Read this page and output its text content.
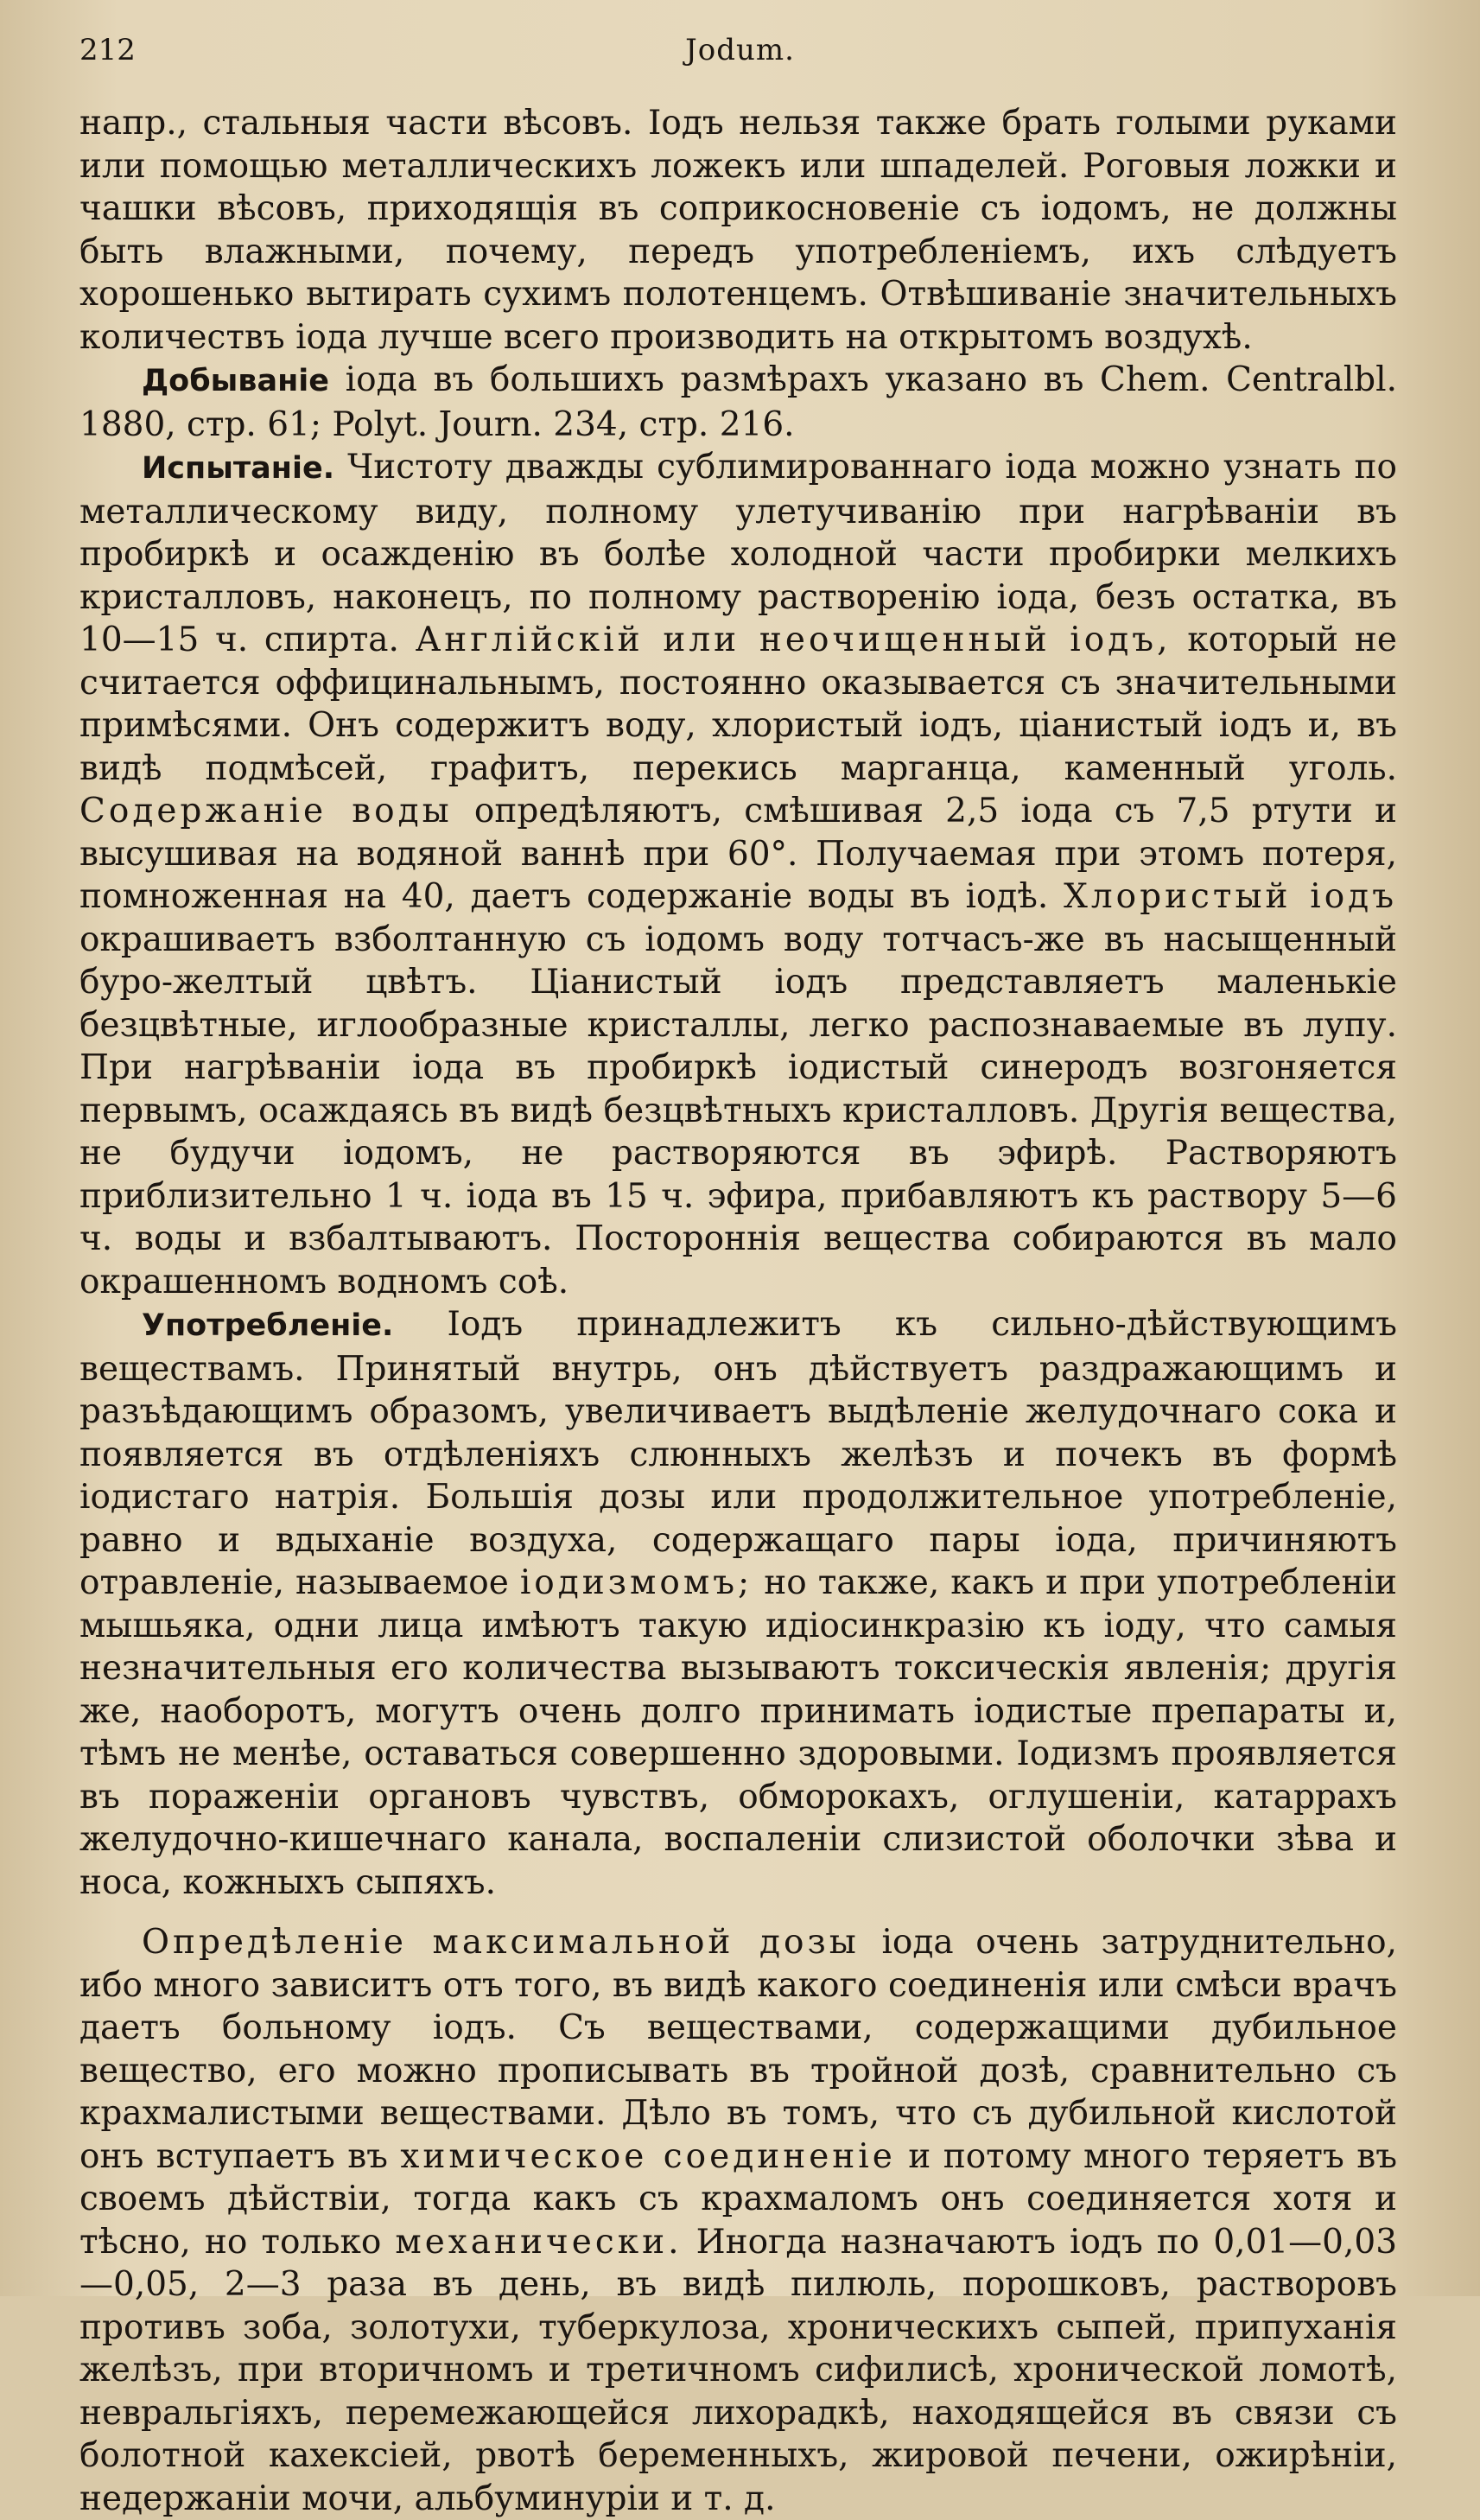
212	Jodum.

напр., стальныя части вѣсовъ. Іодъ нельзя также брать голыми руками или помощью металлическихъ ложекъ или шпаделей. Роговыя ложки и чашки вѣсовъ, приходящія въ соприкосновеніе съ іодомъ, не должны быть влажными, почему, передъ употребленіемъ, ихъ слѣдуетъ хорошенько вытирать сухимъ полотенцемъ. Отвѣшиваніе значительныхъ количествъ іода лучше всего производить на открытомъ воздухѣ.

Добываніе іода въ большихъ размѣрахъ указано въ Chem. Centralbl. 1880, стр. 61; Polyt. Journ. 234, стр. 216.

Испытаніе. Чистоту дважды сублимированнаго іода можно узнать по металлическому виду, полному улетучиванію при нагрѣваніи въ пробиркѣ и осажденію въ болѣе холодной части пробирки мелкихъ кристалловъ, наконецъ, по полному растворенію іода, безъ остатка, въ 10—15 ч. спирта. Англійскій или неочищенный іодъ, который не считается оффицинальнымъ, постоянно оказывается съ значительными примѣсями. Онъ содержитъ воду, хлористый іодъ, ціанистый іодъ и, въ видѣ подмѣсей, графитъ, перекись марганца, каменный уголь. Содержаніе воды опредѣляютъ, смѣшивая 2,5 іода съ 7,5 ртути и высушивая на водяной ваннѣ при 60°. Получаемая при этомъ потеря, помноженная на 40, даетъ содержаніе воды въ іодѣ. Хлористый іодъ окрашиваетъ взболтанную съ іодомъ воду тотчасъ-же въ насыщенный буро-желтый цвѣтъ. Ціанистый іодъ представляетъ маленькіе безцвѣтные, иглообразные кристаллы, легко распознаваемые въ лупу. При нагрѣваніи іода въ пробиркѣ іодистый синеродъ возгоняется первымъ, осаждаясь въ видѣ безцвѣтныхъ кристалловъ. Другія вещества, не будучи іодомъ, не растворяются въ эфирѣ. Растворяютъ приблизительно 1 ч. іода въ 15 ч. эфира, прибавляютъ къ раствору 5—6 ч. воды и взбалтываютъ. Постороннія вещества собираются въ мало окрашенномъ водномъ соѣ.

Употребленіе. Іодъ принадлежитъ къ сильно-дѣйствующимъ веществамъ. Принятый внутрь, онъ дѣйствуетъ раздражающимъ и разъѣдающимъ образомъ, увеличиваетъ выдѣленіе желудочнаго сока и появляется въ отдѣленіяхъ слюнныхъ желѣзъ и почекъ въ формѣ іодистаго натрія. Большія дозы или продолжительное употребленіе, равно и вдыханіе воздуха, содержащаго пары іода, причиняютъ отравленіе, называемое іодизмомъ; но также, какъ и при употребленіи мышьяка, одни лица имѣютъ такую идіосинкразію къ іоду, что самыя незначительныя его количества вызываютъ токсическія явленія; другія же, наоборотъ, могутъ очень долго принимать іодистые препараты и, тѣмъ не менѣе, оставаться совершенно здоровыми. Іодизмъ проявляется въ пораженіи органовъ чувствъ, обморокахъ, оглушеніи, катаррахъ желудочно-кишечнаго канала, воспаленіи слизистой оболочки зѣва и носа, кожныхъ сыпяхъ.

Опредѣленіе максимальной дозы іода очень затруднительно, ибо много зависитъ отъ того, въ видѣ какого соединенія или смѣси врачъ даетъ больному іодъ. Съ веществами, содержащими дубильное вещество, его можно прописывать въ тройной дозѣ, сравнительно съ крахмалистыми веществами. Дѣло въ томъ, что съ дубильной кислотой онъ вступаетъ въ химическое соединеніе и потому много теряетъ въ своемъ дѣйствіи, тогда какъ съ крахмаломъ онъ соединяется хотя и тѣсно, но только механически. Иногда назначаютъ іодъ по 0,01—0,03—0,05, 2—3 раза въ день, въ видѣ пилюль, порошковъ, растворовъ противъ зоба, золотухи, туберкулоза, хроническихъ сыпей, припуханія желѣзъ, при вторичномъ и третичномъ сифилисѣ, хронической ломотѣ, невральгіяхъ, перемежающейся лихорадкѣ, находящейся въ связи съ болотной кахексіей, рвотѣ беременныхъ, жировой печени, ожирѣніи, недержаніи мочи, альбуминуріи и т. д.
